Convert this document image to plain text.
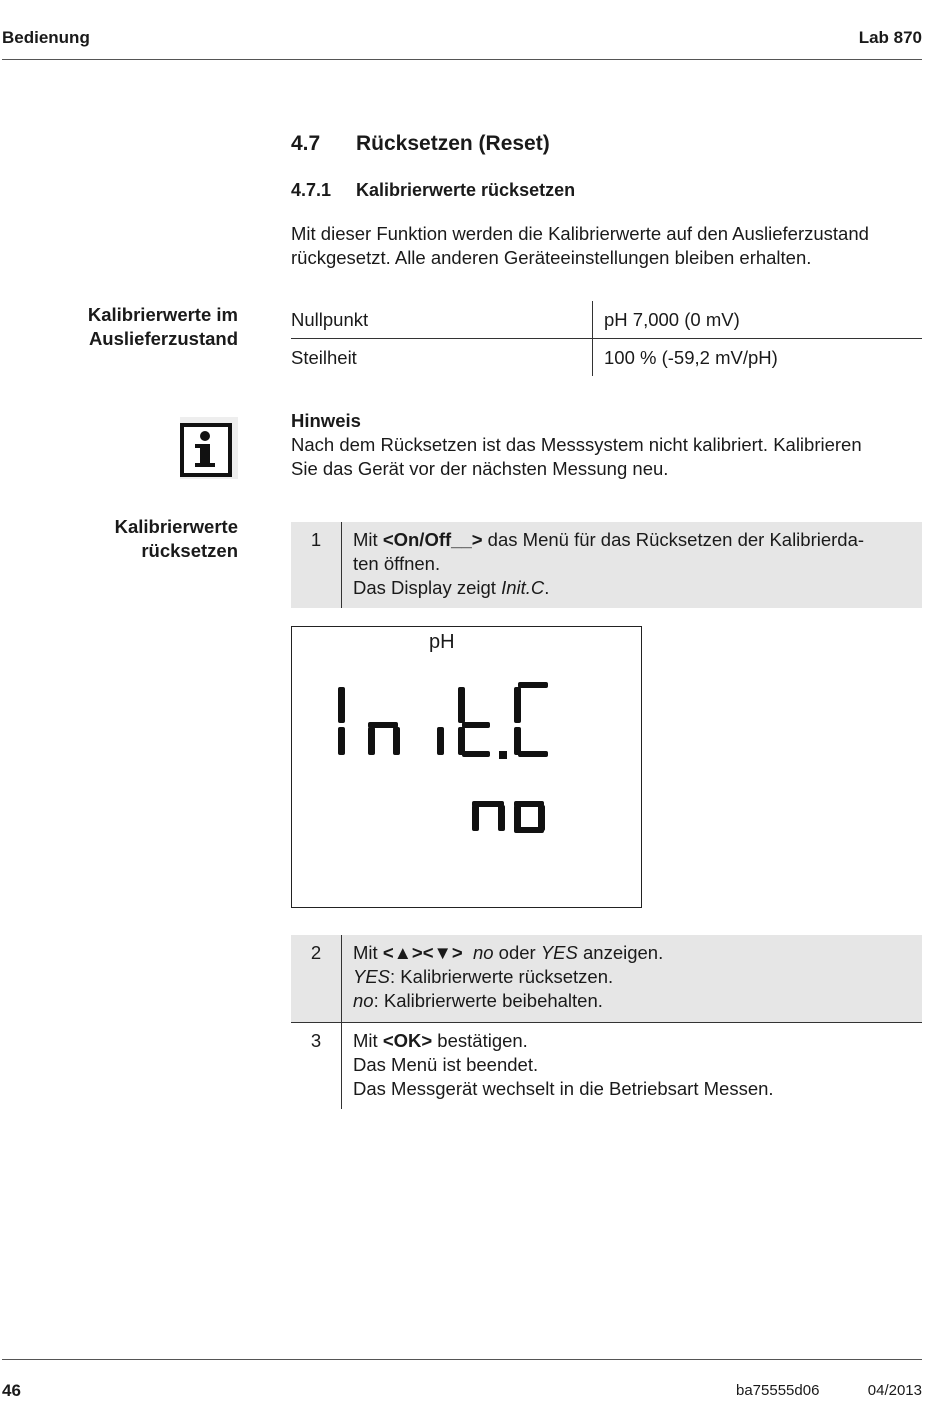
Bedienung	Lab 870
4.7 Rücksetzen (Reset)
4.7.1 Kalibrierwerte rücksetzen
Mit dieser Funktion werden die Kalibrierwerte auf den Auslieferzustand
rückgesetzt. Alle anderen Geräteeinstellungen bleiben erhalten.
Kalibrierwerte im
Auslieferzustand
Nullpunkt	pH 7,000 (0 mV)
Steilheit	100 % (-59,2 mV/pH)
Hinweis
Nach dem Rücksetzen ist das Messsystem nicht kalibriert. Kalibrieren
Sie das Gerät vor der nächsten Messung neu.
Kalibrierwerte
rücksetzen
1	Mit <On/Off__> das Menü für das Rücksetzen der Kalibrierda-
ten öffnen.
Das Display zeigt Init.C.
pH
2	Mit <▲><▼> no oder YES anzeigen.
YES: Kalibrierwerte rücksetzen.
no: Kalibrierwerte beibehalten.
3	Mit <OK> bestätigen.
Das Menü ist beendet.
Das Messgerät wechselt in die Betriebsart Messen.
46	ba75555d06	04/2013
